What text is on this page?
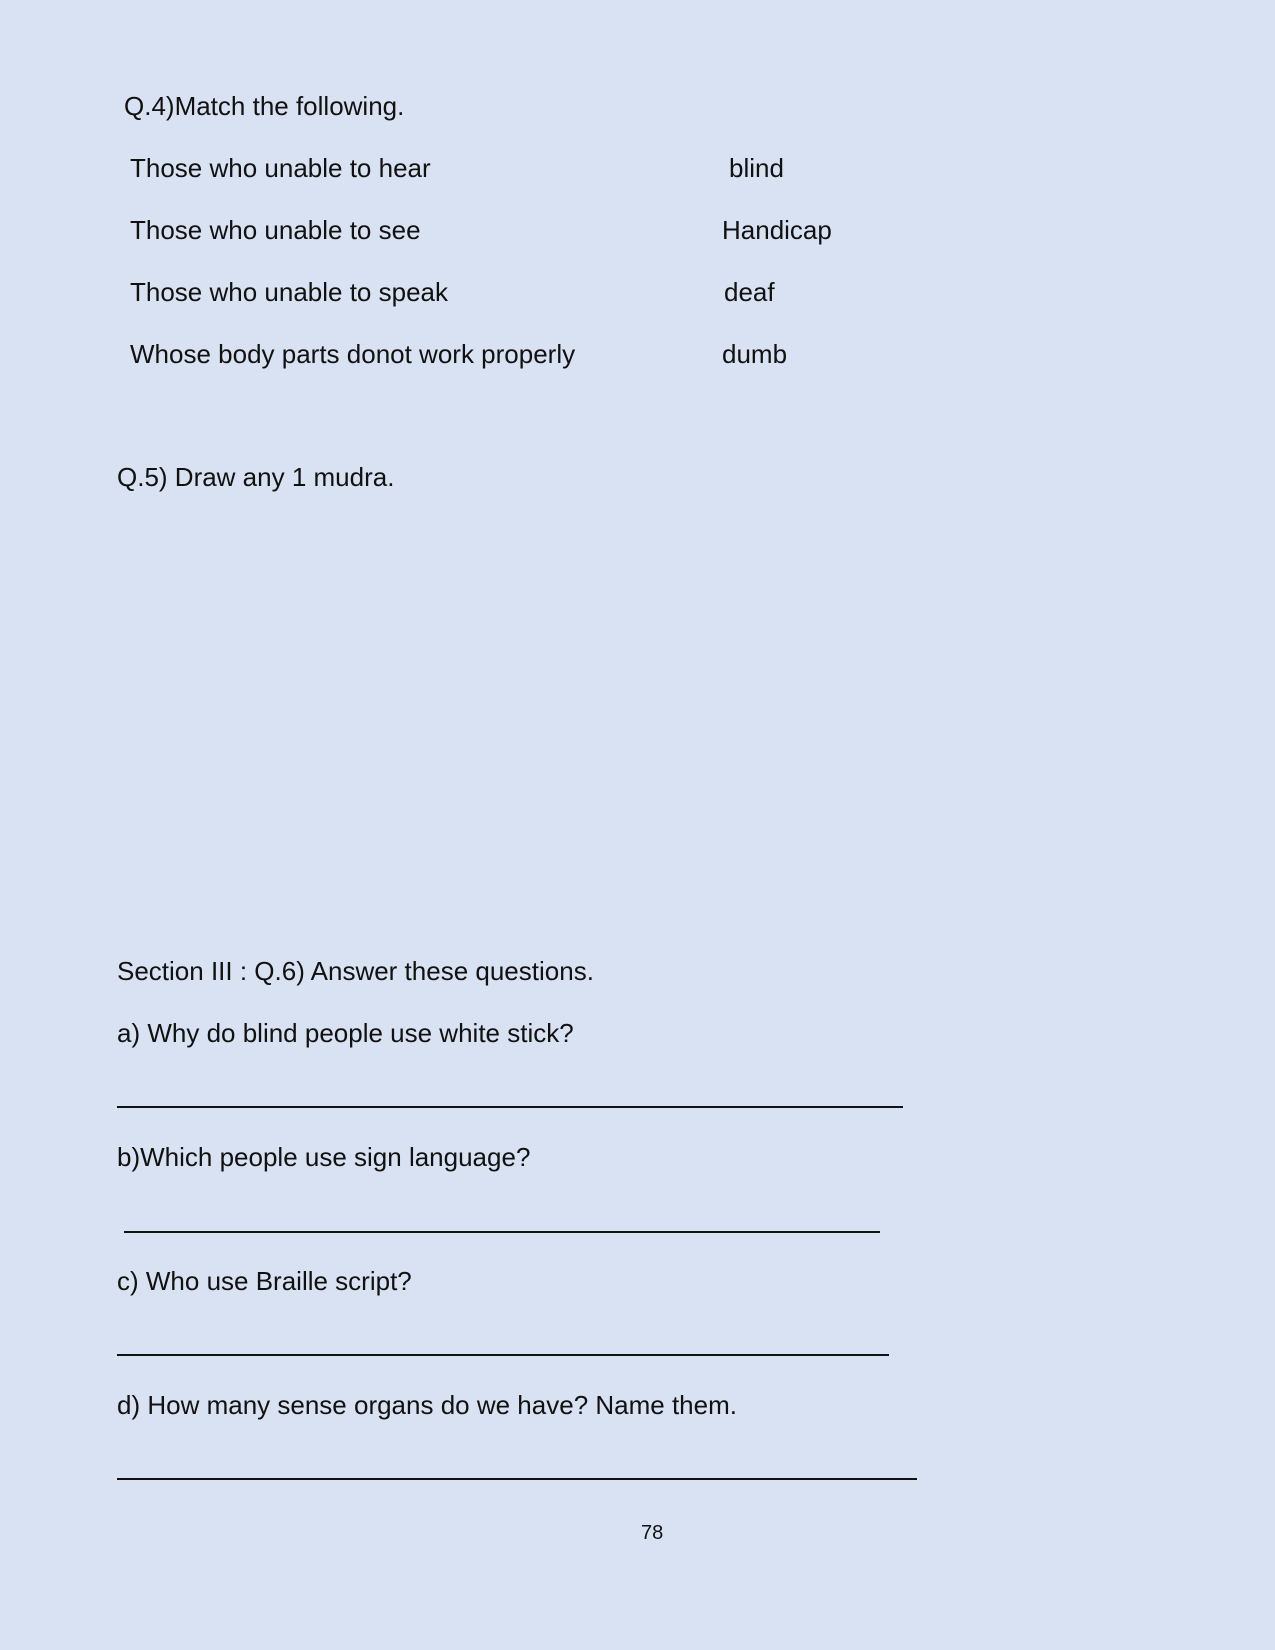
Q.4)Match the following.
Those who unable to hear
Those who unable to see
Those who unable to speak
Whose body parts donot work properly
blind
Handicap
deaf
dumb
Q.5) Draw any 1 mudra.
Section III : Q.6) Answer these questions.
a) Why do blind people use white stick?
b)Which people use sign language?
c) Who use Braille script?
d) How many sense organs do we have? Name them.
78
